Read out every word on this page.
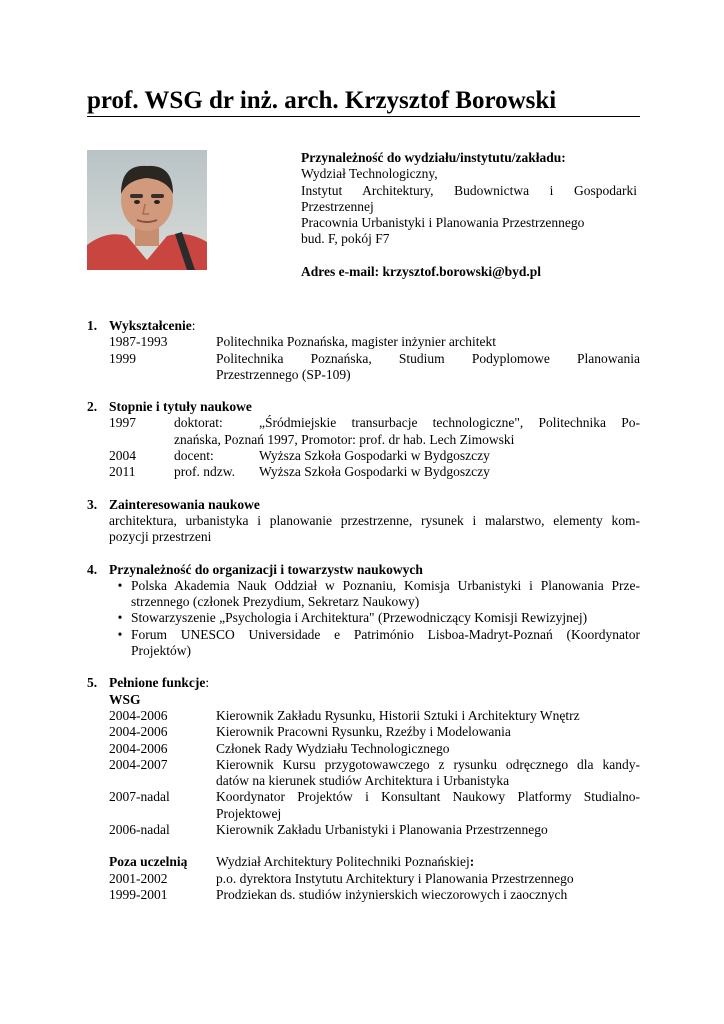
prof. WSG dr inż. arch. Krzysztof Borowski
Przynależność do wydziału/instytutu/zakładu:
Wydział Technologiczny,
Instytut Architektury, Budownictwa i Gospodarki
Przestrzennej
Pracownia Urbanistyki i Planowania Przestrzennego
bud. F, pokój F7
Adres e-mail: krzysztof.borowski@byd.pl
1. Wykształcenie:
1987-1993	Politechnika Poznańska, magister inżynier architekt
1999	Politechnika Poznańska, Studium Podyplomowe Planowania
Przestrzennego (SP-109)
2. Stopnie i tytuły naukowe
1997	doktorat:	„Śródmiejskie transurbacje technologiczne", Politechnika Po-
znańska, Poznań 1997, Promotor: prof. dr hab. Lech Zimowski
2004	docent:	Wyższa Szkoła Gospodarki w Bydgoszczy
2011	prof. ndzw.	Wyższa Szkoła Gospodarki w Bydgoszczy
3. Zainteresowania naukowe
architektura, urbanistyka i planowanie przestrzenne, rysunek i malarstwo, elementy kom-
pozycji przestrzeni
4. Przynależność do organizacji i towarzystw naukowych
• Polska Akademia Nauk Oddział w Poznaniu, Komisja Urbanistyki i Planowania Prze-
strzennego (członek Prezydium, Sekretarz Naukowy)
• Stowarzyszenie „Psychologia i Architektura" (Przewodniczący Komisji Rewizyjnej)
• Forum UNESCO Universidade e Património Lisboa-Madryt-Poznań (Koordynator
Projektów)
5. Pełnione funkcje:
WSG
2004-2006	Kierownik Zakładu Rysunku, Historii Sztuki i Architektury Wnętrz
2004-2006	Kierownik Pracowni Rysunku, Rzeźby i Modelowania
2004-2006	Członek Rady Wydziału Technologicznego
2004-2007	Kierownik Kursu przygotowawczego z rysunku odręcznego dla kandy-
datów na kierunek studiów Architektura i Urbanistyka
2007-nadal	Koordynator Projektów i Konsultant Naukowy Platformy Studialno-
Projektowej
2006-nadal	Kierownik Zakładu Urbanistyki i Planowania Przestrzennego
Poza uczelnią	Wydział Architektury Politechniki Poznańskiej:
2001-2002	p.o. dyrektora Instytutu Architektury i Planowania Przestrzennego
1999-2001	Prodziekan ds. studiów inżynierskich wieczorowych i zaocznych
